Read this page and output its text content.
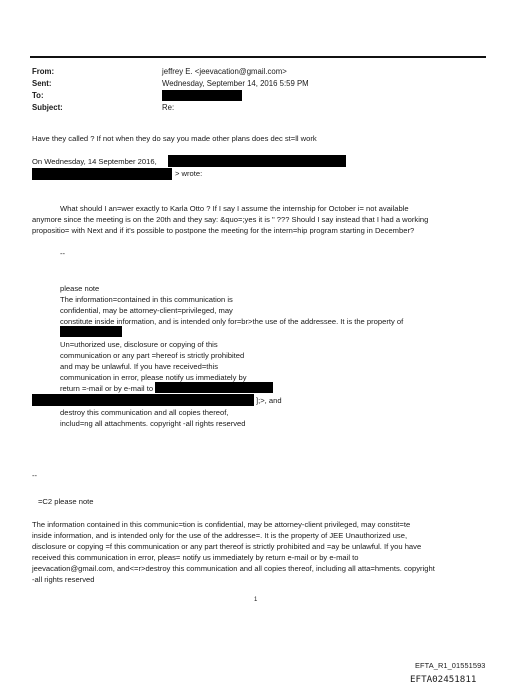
From:	jeffrey E. <jeevacation@gmail.com>
Sent:	Wednesday, September 14, 2016 5:59 PM
To:
Subject:	Re:
Have they called ? If not when they do say you made other plans does dec st=ll work
On Wednesday, 14 September 2016,
> wrote:
What should I an=wer exactly to Karla Otto ? If I say I assume the internship for October i= not available
anymore since the meeting is on the 20th and they say: &quo=;yes it is " ??? Should I say instead that I had a working
propositio= with Next and if it's possible to postpone the meeting for the intern=hip program starting in December?
--
please note
The information=contained in this communication is
confidential, may be attorney-client=privileged, may
constitute inside information, and is intended only for=br>the use of the addressee. It is the property of
Un=uthorized use, disclosure or copying of this
communication or any part =hereof is strictly prohibited
and may be unlawful. If you have received=this
communication in error, please notify us immediately by
return =-mail or by e-mail to
];>, and
destroy this communication and all copies thereof,
includ=ng all attachments. copyright -all rights reserved
--
=C2 please note
The information contained in this communic=tion is confidential, may be attorney-client privileged, may constit=te
inside information, and is intended only for the use of the addresse=. It is the property of JEE Unauthorized use,
disclosure or copying =f this communication or any part thereof is strictly prohibited and =ay be unlawful. If you have
received this communication in error, pleas= notify us immediately by return e-mail or by e-mail to
jeevacation@gmail.com, and<=r>destroy this communication and all copies thereof, including all atta=hments. copyright
-all rights reserved
1
EFTA_R1_01551593
EFTA02451811
